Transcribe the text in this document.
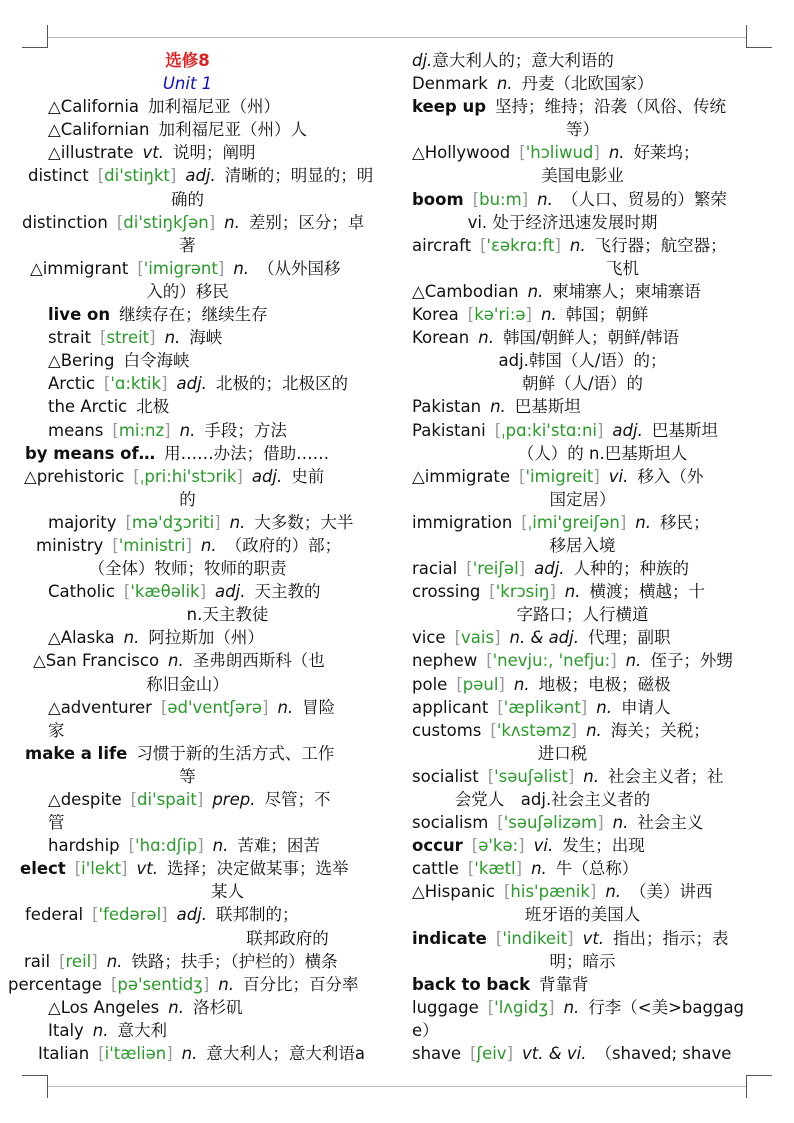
选修8
Unit 1
△California 加利福尼亚（州）
△Californian 加利福尼亚（州）人
△illustrate vt. 说明；阐明
distinct [ di'stiŋkt ] adj. 清晰的；明显的；明
确的
distinction [ di'stiŋkʃən ] n. 差别；区分；卓
著
△immigrant [ 'imigrənt ] n. （从外国移
入的）移民
live on 继续存在；继续生存
strait [ streit ] n. 海峡
△Bering 白令海峡
Arctic [ 'ɑ:ktik ] adj. 北极的；北极区的
the Arctic 北极
means [ mi:nz ] n. 手段；方法
by means of… 用……办法；借助……
△prehistoric [ ˌpri:hi'stɔrik ] adj. 史前
的
majority [ mə'dʒɔriti ] n. 大多数；大半
ministry [ 'ministri ] n. （政府的）部；
（全体）牧师；牧师的职责
Catholic [ 'kæθəlik ] adj. 天主教的
n.天主教徒
△Alaska n. 阿拉斯加（州）
△San Francisco n. 圣弗朗西斯科（也
称旧金山）
△adventurer [ əd'ventʃərə ] n. 冒险
家
make a life 习惯于新的生活方式、工作
等
△despite [ di'spait ] prep. 尽管；不
管
hardship [ 'hɑ:dʃip ] n. 苦难；困苦
elect [ i'lekt ] vt. 选择；决定做某事；选举
某人
federal [ 'fedərəl ] adj. 联邦制的；
联邦政府的
rail [ reil ] n. 铁路；扶手；（护栏的）横条
percentage [ pə'sentidʒ ] n. 百分比；百分率
△Los Angeles n. 洛杉矶
Italy n. 意大利
Italian [ i'tæliən ] n. 意大利人；意大利语a
dj.意大利人的；意大利语的
Denmark n. 丹麦（北欧国家）
keep up 坚持；维持；沿袭（风俗、传统
等）
△Hollywood [ 'hɔliwud ] n. 好莱坞；
美国电影业
boom [ bu:m ] n. （人口、贸易的）繁荣
vi. 处于经济迅速发展时期
aircraft [ 'ɛəkrɑ:ft ] n. 飞行器；航空器；
飞机
△Cambodian n. 柬埔寨人；柬埔寨语
Korea [ kə'ri:ə ] n. 韩国；朝鲜
Korean n. 韩国/朝鲜人；朝鲜/韩语
adj.韩国（人/语）的；
朝鲜（人/语）的
Pakistan n. 巴基斯坦
Pakistani [ ˌpɑ:ki'stɑ:ni ] adj. 巴基斯坦
（人）的 n.巴基斯坦人
△immigrate [ 'imigreit ] vi. 移入（外
国定居）
immigration [ ˌimi'greiʃən ] n. 移民；
移居入境
racial [ 'reiʃəl ] adj. 人种的；种族的
crossing [ 'krɔsiŋ ] n. 横渡；横越；十
字路口；人行横道
vice [ vais ] n. & adj. 代理；副职
nephew [ 'nevju:, 'nefju: ] n. 侄子；外甥
pole [ pəul ] n. 地极；电极；磁极
applicant [ 'æplikənt ] n. 申请人
customs [ 'kʌstəmz ] n. 海关；关税；
进口税
socialist [ 'səuʃəlist ] n. 社会主义者；社
会党人　adj.社会主义者的
socialism [ 'səuʃəlizəm ] n. 社会主义
occur [ ə'kə: ] vi. 发生；出现
cattle [ 'kætl ] n. 牛（总称）
△Hispanic [ his'pænik ] n. （美）讲西
班牙语的美国人
indicate [ 'indikeit ] vt. 指出；指示；表
明；暗示
back to back 背靠背
luggage [ 'lʌgidʒ ] n. 行李（<美>baggag
e）
shave [ ʃeiv ] vt. & vi. （shaved; shave
